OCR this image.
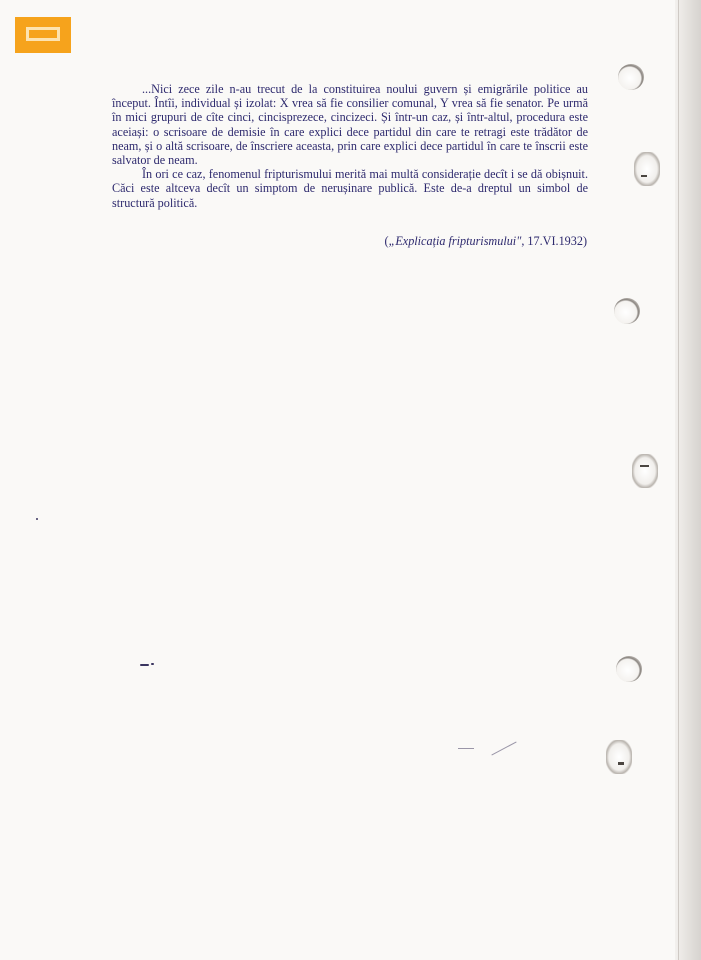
...Nici zece zile n-au trecut de la constituirea noului guvern și emigrările politice au început. Întîi, individual și izolat: X vrea să fie consilier comunal, Y vrea să fie senator. Pe urmă în mici grupuri de cîte cinci, cincisprezece, cincizeci. Și într-un caz, și într-altul, procedura este aceiași: o scrisoare de demisie în care explici dece partidul din care te retragi este trădător de neam, și o altă scrisoare, de înscriere aceasta, prin care explici dece partidul în care te înscrii este salvator de neam.

În ori ce caz, fenomenul fripturismului merită mai multă considerație decît i se dă obișnuit. Căci este altceva decît un simptom de nerușinare publică. Este de-a dreptul un simbol de structură politică.

(„Explicația fripturismului", 17.VI.1932)
